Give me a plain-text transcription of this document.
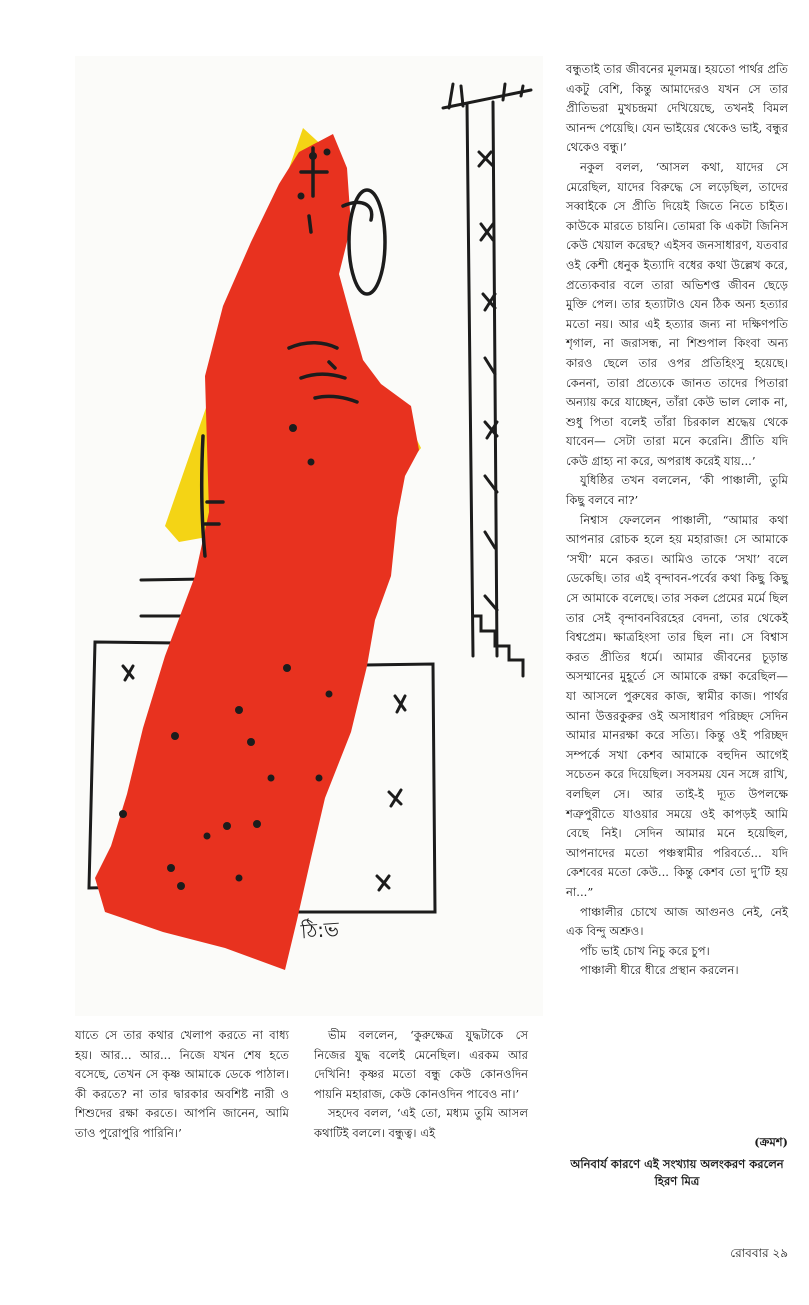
ঠি:ভ

বন্ধুতাই তার জীবনের মূলমন্ত্র। হয়তো পার্থর প্রতি একটু বেশি, কিন্তু আমাদেরও যখন সে তার প্রীতিভরা মুখচন্দ্রমা দেখিয়েছে, তখনই বিমল আনন্দ পেয়েছি। যেন ভাইয়ের থেকেও ভাই, বন্ধুর থেকেও বন্ধু।’

নকুল বলল, ‘আসল কথা, যাদের সে মেরেছিল, যাদের বিরুদ্ধে সে লড়েছিল, তাদের সব্বাইকে সে প্রীতি দিয়েই জিতে নিতে চাইত। কাউকে মারতে চায়নি। তোমরা কি একটা জিনিস কেউ খেয়াল করেছ? এইসব জনসাধারণ, যতবার ওই কেশী ধেনুক ইত্যাদি বধের কথা উল্লেখ করে, প্রত্যেকবার বলে তারা অভিশপ্ত জীবন ছেড়ে মুক্তি পেল। তার হত্যাটাও যেন ঠিক অন্য হত্যার মতো নয়। আর এই হত্যার জন্য না দক্ষিণপতি শৃগাল, না জরাসন্ধ, না শিশুপাল কিংবা অন্য কারও ছেলে তার ওপর প্রতিহিংসু হয়েছে। কেননা, তারা প্রত্যেকে জানত তাদের পিতারা অন্যায় করে যাচ্ছেন, তাঁরা কেউ ভাল লোক না, শুধু পিতা বলেই তাঁরা চিরকাল শ্রদ্ধেয় থেকে যাবেন— সেটা তারা মনে করেনি। প্রীতি যদি কেউ গ্রাহ্য না করে, অপরাধ করেই যায়...’

যুধিষ্ঠির তখন বললেন, ‘কী পাঞ্চালী, তুমি কিছু বলবে না?’

নিশ্বাস ফেললেন পাঞ্চালী, “আমার কথা আপনার রোচক হলে হয় মহারাজ! সে আমাকে ‘সখী’ মনে করত। আমিও তাকে ‘সখা’ বলে ডেকেছি। তার এই বৃন্দাবন-পর্বের কথা কিছু কিছু সে আমাকে বলেছে। তার সকল প্রেমের মর্মে ছিল তার সেই বৃন্দাবনবিরহের বেদনা, তার থেকেই বিশ্বপ্রেম। ক্ষাত্রহিংসা তার ছিল না। সে বিশ্বাস করত প্রীতির ধর্মে। আমার জীবনের চূড়ান্ত অসম্মানের মুহূর্তে সে আমাকে রক্ষা করেছিল— যা আসলে পুরুষের কাজ, স্বামীর কাজ। পার্থর আনা উত্তরকুরুর ওই অসাধারণ পরিচ্ছদ সেদিন আমার মানরক্ষা করে সত্যি। কিন্তু ওই পরিচ্ছদ সম্পর্কে সখা কেশব আমাকে বহুদিন আগেই সচেতন করে দিয়েছিল। সবসময় যেন সঙ্গে রাখি, বলছিল সে। আর তাই-ই দ্যূত উপলক্ষে শত্রুপুরীতে যাওয়ার সময়ে ওই কাপড়ই আমি বেছে নিই। সেদিন আমার মনে হয়েছিল, আপনাদের মতো পঞ্চস্বামীর পরিবর্তে... যদি কেশবের মতো কেউ... কিন্তু কেশব তো দু’টি হয় না...”

পাঞ্চালীর চোখে আজ আগুনও নেই, নেই এক বিন্দু অশ্রুও।

পাঁচ ভাই চোখ নিচু করে চুপ।

পাঞ্চালী ধীরে ধীরে প্রস্থান করলেন।

যাতে সে তার কথার খেলাপ করতে না বাধ্য হয়। আর... আর... নিজে যখন শেষ হতে বসেছে, তেখন সে কৃষ্ণ আমাকে ডেকে পাঠাল। কী করতে? না তার দ্বারকার অবশিষ্ট নারী ও শিশুদের রক্ষা করতে। আপনি জানেন, আমি তাও পুরোপুরি পারিনি।’

ভীম বললেন, ‘কুরুক্ষেত্র যুদ্ধটাকে সে নিজের যুদ্ধ বলেই মেনেছিল। এরকম আর দেখিনি! কৃষ্ণর মতো বন্ধু কেউ কোনওদিন পায়নি মহারাজ, কেউ কোনওদিন পাবেও না।’

সহদেব বলল, ‘এই তো, মধ্যম তুমি আসল কথাটিই বললে। বন্ধুত্ব। এই

(ক্রমশ)
অনিবার্য কারণে এই সংখ্যায় অলংকরণ করলেন
হিরণ মিত্র
রোববার ২৯
